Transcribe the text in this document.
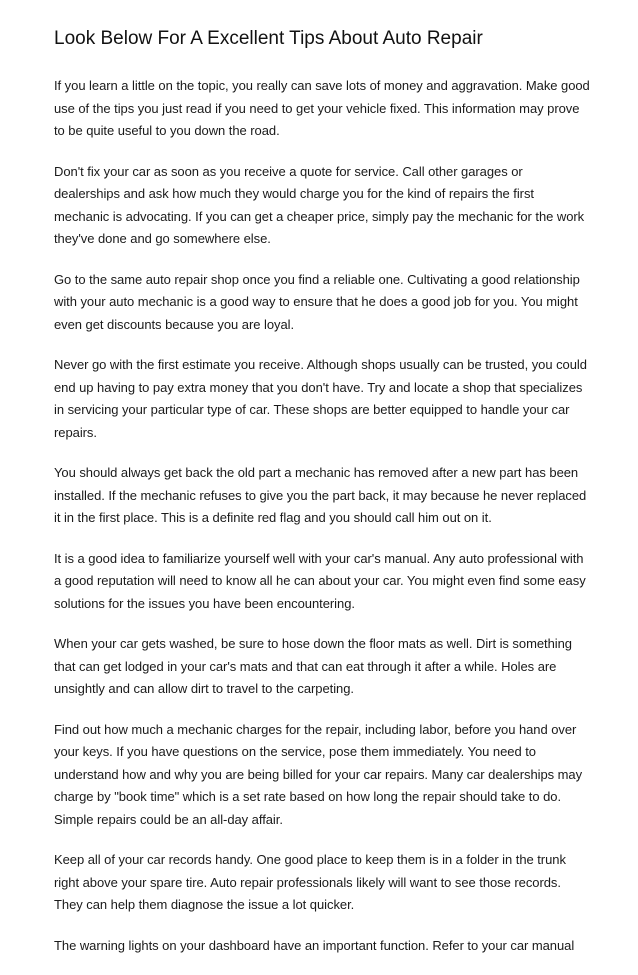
Look Below For A Excellent Tips About Auto Repair

If you learn a little on the topic, you really can save lots of money and aggravation. Make good use of the tips you just read if you need to get your vehicle fixed. This information may prove to be quite useful to you down the road.

Don't fix your car as soon as you receive a quote for service. Call other garages or dealerships and ask how much they would charge you for the kind of repairs the first mechanic is advocating. If you can get a cheaper price, simply pay the mechanic for the work they've done and go somewhere else.

Go to the same auto repair shop once you find a reliable one. Cultivating a good relationship with your auto mechanic is a good way to ensure that he does a good job for you. You might even get discounts because you are loyal.

Never go with the first estimate you receive. Although shops usually can be trusted, you could end up having to pay extra money that you don't have. Try and locate a shop that specializes in servicing your particular type of car. These shops are better equipped to handle your car repairs.

You should always get back the old part a mechanic has removed after a new part has been installed. If the mechanic refuses to give you the part back, it may because he never replaced it in the first place. This is a definite red flag and you should call him out on it.

It is a good idea to familiarize yourself well with your car's manual. Any auto professional with a good reputation will need to know all he can about your car. You might even find some easy solutions for the issues you have been encountering.

When your car gets washed, be sure to hose down the floor mats as well. Dirt is something that can get lodged in your car's mats and that can eat through it after a while. Holes are unsightly and can allow dirt to travel to the carpeting.

Find out how much a mechanic charges for the repair, including labor, before you hand over your keys. If you have questions on the service, pose them immediately. You need to understand how and why you are being billed for your car repairs. Many car dealerships may charge by "book time" which is a set rate based on how long the repair should take to do. Simple repairs could be an all-day affair.

Keep all of your car records handy. One good place to keep them is in a folder in the trunk right above your spare tire. Auto repair professionals likely will want to see those records. They can help them diagnose the issue a lot quicker.

The warning lights on your dashboard have an important function. Refer to your car manual
